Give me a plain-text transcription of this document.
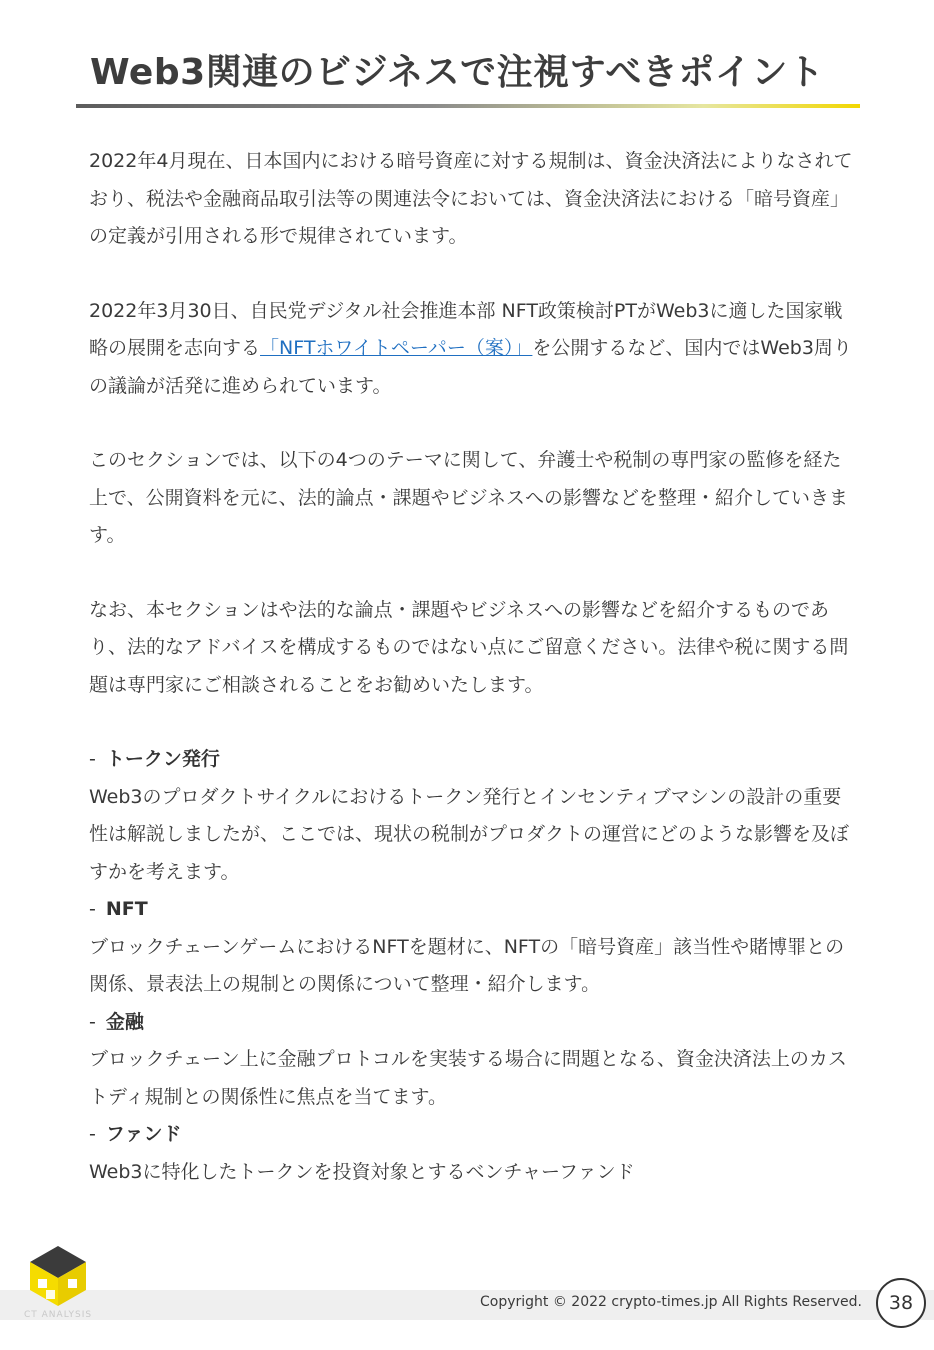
Web3関連のビジネスで注視すべきポイント

2022年4月現在、日本国内における暗号資産に対する規制は、資金決済法によりなされており、税法や金融商品取引法等の関連法令においては、資金決済法における「暗号資産」の定義が引用される形で規律されています。

2022年3月30日、自民党デジタル社会推進本部 NFT政策検討PTがWeb3に適した国家戦略の展開を志向する「NFTホワイトペーパー（案）」を公開するなど、国内ではWeb3周りの議論が活発に進められています。

このセクションでは、以下の4つのテーマに関して、弁護士や税制の専門家の監修を経た上で、公開資料を元に、法的論点・課題やビジネスへの影響などを整理・紹介していきます。

なお、本セクションはや法的な論点・課題やビジネスへの影響などを紹介するものであり、法的なアドバイスを構成するものではない点にご留意ください。法律や税に関する問題は専門家にご相談されることをお勧めいたします。

- トークン発行

Web3のプロダクトサイクルにおけるトークン発行とインセンティブマシンの設計の重要性は解説しましたが、ここでは、現状の税制がプロダクトの運営にどのような影響を及ぼすかを考えます。

- NFT

ブロックチェーンゲームにおけるNFTを題材に、NFTの「暗号資産」該当性や賭博罪との関係、景表法上の規制との関係について整理・紹介します。

- 金融

ブロックチェーン上に金融プロトコルを実装する場合に問題となる、資金決済法上のカストディ規制との関係性に焦点を当てます。

- ファンド

Web3に特化したトークンを投資対象とするベンチャーファンド

CT ANALYSIS
Copyright © 2022 crypto-times.jp All Rights Reserved.	38
